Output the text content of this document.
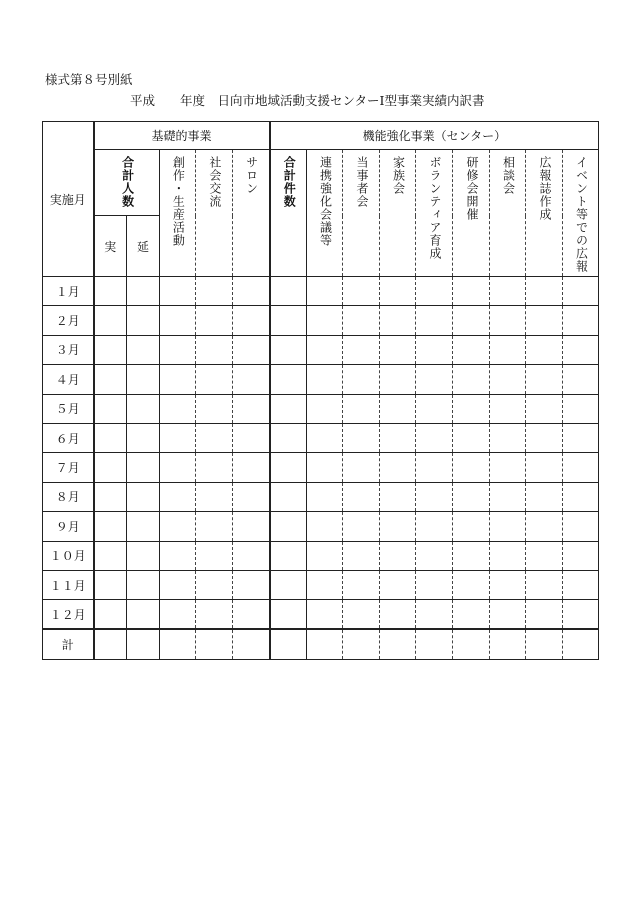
様式第８号別紙
平成　　年度　日向市地域活動支援センターⅠ型事業実績内訳書
実施月	基礎的事業					機能強化事業（センター）								
	合計人数		創作・生産活動	社会交流	サロン	合計件数	連携強化会議等	当事者会	家族会	ボランティア育成	研修会開催	相談会	広報誌作成	イベント等での広報
	実	延												
１月														
２月														
３月														
４月														
５月														
６月														
７月														
８月														
９月														
１０月														
１１月														
１２月														
計														
